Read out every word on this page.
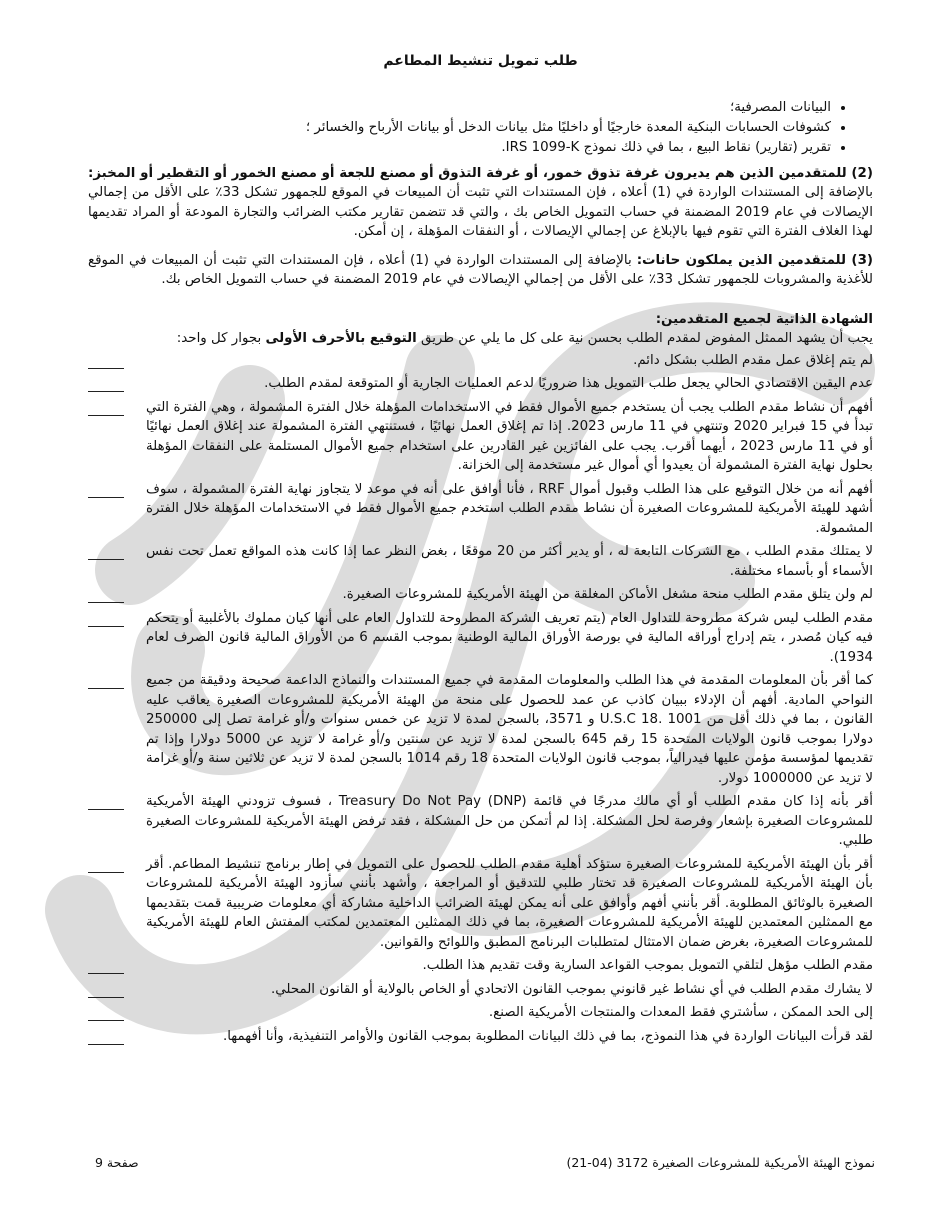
طلب تمويل تنشيط المطاعم
• البيانات المصرفية؛
• كشوفات الحسابات البنكية المعدة خارجيًا أو داخليًا مثل بيانات الدخل أو بيانات الأرباح والخسائر ؛
• تقرير (تقارير) نقاط البيع ، بما في ذلك نموذج IRS 1099-K.

(2) للمتقدمين الذين هم يديرون غرفة تذوق خمور، أو غرفة التذوق أو مصنع للجعة أو مصنع الخمور أو التقطير أو المخبز: بالإضافة إلى المستندات الواردة في (1) أعلاه ، فإن المستندات التي تثبت أن المبيعات في الموقع للجمهور تشكل 33٪ على الأقل من إجمالي الإيصالات في عام 2019 المضمنة في حساب التمويل الخاص بك ، والتي قد تتضمن تقارير مكتب الضرائب والتجارة المودعة أو المراد تقديمها لهذا الغلاف الفترة التي تقوم فيها بالإبلاغ عن إجمالي الإيصالات ، أو النفقات المؤهلة ، إن أمكن.

(3) للمتقدمين الذين يملكون حانات: بالإضافة إلى المستندات الواردة في (1) أعلاه ، فإن المستندات التي تثبت أن المبيعات في الموقع للأغذية والمشروبات للجمهور تشكل 33٪ على الأقل من إجمالي الإيصالات في عام 2019 المضمنة في حساب التمويل الخاص بك.

الشهادة الذاتية لجميع المتقدمين:

يجب أن يشهد الممثل المفوض لمقدم الطلب بحسن نية على كل ما يلي عن طريق التوقيع بالأحرف الأولى بجوار كل واحد:

لم يتم إغلاق عمل مقدم الطلب بشكل دائم.
عدم اليقين الاقتصادي الحالي يجعل طلب التمويل هذا ضروريًا لدعم العمليات الجارية أو المتوقعة لمقدم الطلب.
أفهم أن نشاط مقدم الطلب يجب أن يستخدم جميع الأموال فقط في الاستخدامات المؤهلة خلال الفترة المشمولة ، وهي الفترة التي تبدأ في 15 فبراير 2020 وتنتهي في 11 مارس 2023. إذا تم إغلاق العمل نهائيًا ، فستنتهي الفترة المشمولة عند إغلاق العمل نهائيًا أو في 11 مارس 2023 ، أيهما أقرب. يجب على الفائزين غير القادرين على استخدام جميع الأموال المستلمة على النفقات المؤهلة بحلول نهاية الفترة المشمولة أن يعيدوا أي أموال غير مستخدمة إلى الخزانة.
أفهم أنه من خلال التوقيع على هذا الطلب وقبول أموال RRF ، فأنا أوافق على أنه في موعد لا يتجاوز نهاية الفترة المشمولة ، سوف أشهد للهيئة الأمريكية للمشروعات الصغيرة أن نشاط مقدم الطلب استخدم جميع الأموال فقط في الاستخدامات المؤهلة خلال الفترة المشمولة.
لا يمتلك مقدم الطلب ، مع الشركات التابعة له ، أو يدير أكثر من 20 موقعًا ، بغض النظر عما إذا كانت هذه المواقع تعمل تحت نفس الأسماء أو بأسماء مختلفة.
لم ولن يتلق مقدم الطلب منحة مشغل الأماكن المغلقة من الهيئة الأمريكية للمشروعات الصغيرة.
مقدم الطلب ليس شركة مطروحة للتداول العام (يتم تعريف الشركة المطروحة للتداول العام على أنها كيان مملوك بالأغلبية أو يتحكم فيه كيان مُصدر ، يتم إدراج أوراقه المالية في بورصة الأوراق المالية الوطنية بموجب القسم 6 من الأوراق المالية قانون الصرف لعام 1934).
كما أقر بأن المعلومات المقدمة في هذا الطلب والمعلومات المقدمة في جميع المستندات والنماذج الداعمة صحيحة ودقيقة من جميع النواحي المادية. أفهم أن الإدلاء ببيان كاذب عن عمد للحصول على منحة من الهيئة الأمريكية للمشروعات الصغيرة يعاقب عليه القانون ، بما في ذلك أقل من U.S.C 18. 1001 و 3571، بالسجن لمدة لا تزيد عن خمس سنوات و/أو غرامة تصل إلى 250000 دولارا بموجب قانون الولايات المتحدة 15 رقم 645 بالسجن لمدة لا تزيد عن سنتين و/أو غرامة لا تزيد عن 5000 دولارا وإذا تم تقديمها لمؤسسة مؤمن عليها فيدرالياً، بموجب قانون الولايات المتحدة 18 رقم 1014 بالسجن لمدة لا تزيد عن ثلاثين سنة و/أو غرامة لا تزيد عن 1000000 دولار.
أقر بأنه إذا كان مقدم الطلب أو أي مالك مدرجًا في قائمة Treasury Do Not Pay (DNP) ، فسوف تزودني الهيئة الأمريكية للمشروعات الصغيرة بإشعار وفرصة لحل المشكلة. إذا لم أتمكن من حل المشكلة ، فقد ترفض الهيئة الأمريكية للمشروعات الصغيرة طلبي.
أقر بأن الهيئة الأمريكية للمشروعات الصغيرة ستؤكد أهلية مقدم الطلب للحصول على التمويل في إطار برنامج تنشيط المطاعم. أقر بأن الهيئة الأمريكية للمشروعات الصغيرة قد تختار طلبي للتدقيق أو المراجعة ، وأشهد بأنني سأزود الهيئة الأمريكية للمشروعات الصغيرة بالوثائق المطلوبة. أقر بأنني أفهم وأوافق على أنه يمكن لهيئة الضرائب الداخلية مشاركة أي معلومات ضريبية قمت بتقديمها مع الممثلين المعتمدين للهيئة الأمريكية للمشروعات الصغيرة، بما في ذلك الممثلين المعتمدين لمكتب المفتش العام للهيئة الأمريكية للمشروعات الصغيرة، بغرض ضمان الامتثال لمتطلبات البرنامج المطبق واللوائح والقوانين.
مقدم الطلب مؤهل لتلقي التمويل بموجب القواعد السارية وقت تقديم هذا الطلب.
لا يشارك مقدم الطلب في أي نشاط غير قانوني بموجب القانون الاتحادي أو الخاص بالولاية أو القانون المحلي.
إلى الحد الممكن ، سأشتري فقط المعدات والمنتجات الأمريكية الصنع.
لقد قرأت البيانات الواردة في هذا النموذج، بما في ذلك البيانات المطلوبة بموجب القانون والأوامر التنفيذية، وأنا أفهمها.
نموذج الهيئة الأمريكية للمشروعات الصغيرة 3172 (04-21)
صفحة 9
